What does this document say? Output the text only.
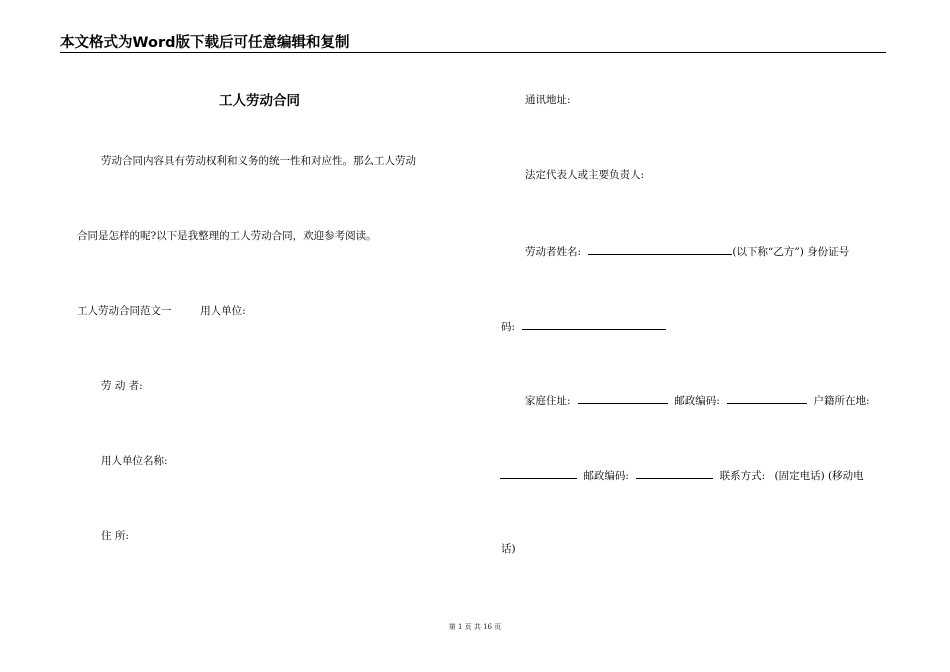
本文格式为Word版下载后可任意编辑和复制
工人劳动合同
劳动合同内容具有劳动权利和义务的统一性和对应性。那么工人劳动
合同是怎样的呢?以下是我整理的工人劳动合同，欢迎参考阅读。
工人劳动合同范文一	用人单位:
劳 动 者:
用人单位名称:
住 所:
通讯地址:
法定代表人或主要负责人:
劳动者姓名:	(以下称“乙方”) 身份证号
码:
家庭住址:	邮政编码:	户籍所在地:
邮政编码:	联系方式: (固定电话) (移动电
话)
第 1 页 共 16 页
